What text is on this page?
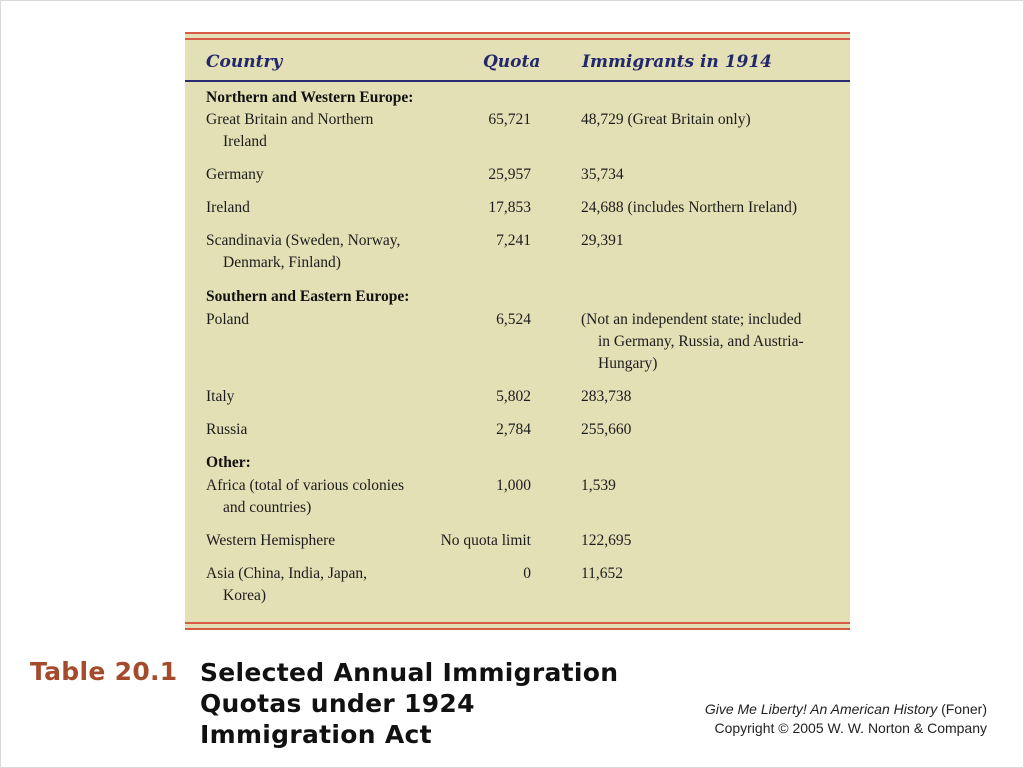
Country	Quota Immigrants in 1914
Northern and Western Europe:
Great Britain and Northern
Ireland
65,721	48,729 (Great Britain only)
Germany	25,957	35,734
Ireland	17,853	24,688 (includes Northern Ireland)
Scandinavia (Sweden, Norway,
Denmark, Finland)
7,241	29,391
Southern and Eastern Europe:
Poland	6,524	(Not an independent state; included
in Germany, Russia, and Austria-
Hungary)
Italy	5,802	283,738
Russia	2,784	255,660
Other:
Africa (total of various colonies
and countries)
1,000	1,539
Western Hemisphere	No quota limit	122,695
Asia (China, India, Japan,
Korea)
0	11,652
Table 20.1 Selected Annual Immigration
Quotas under 1924
Immigration Act
Give Me Liberty! An American History (Foner)
Copyright © 2005 W. W. Norton & Company
